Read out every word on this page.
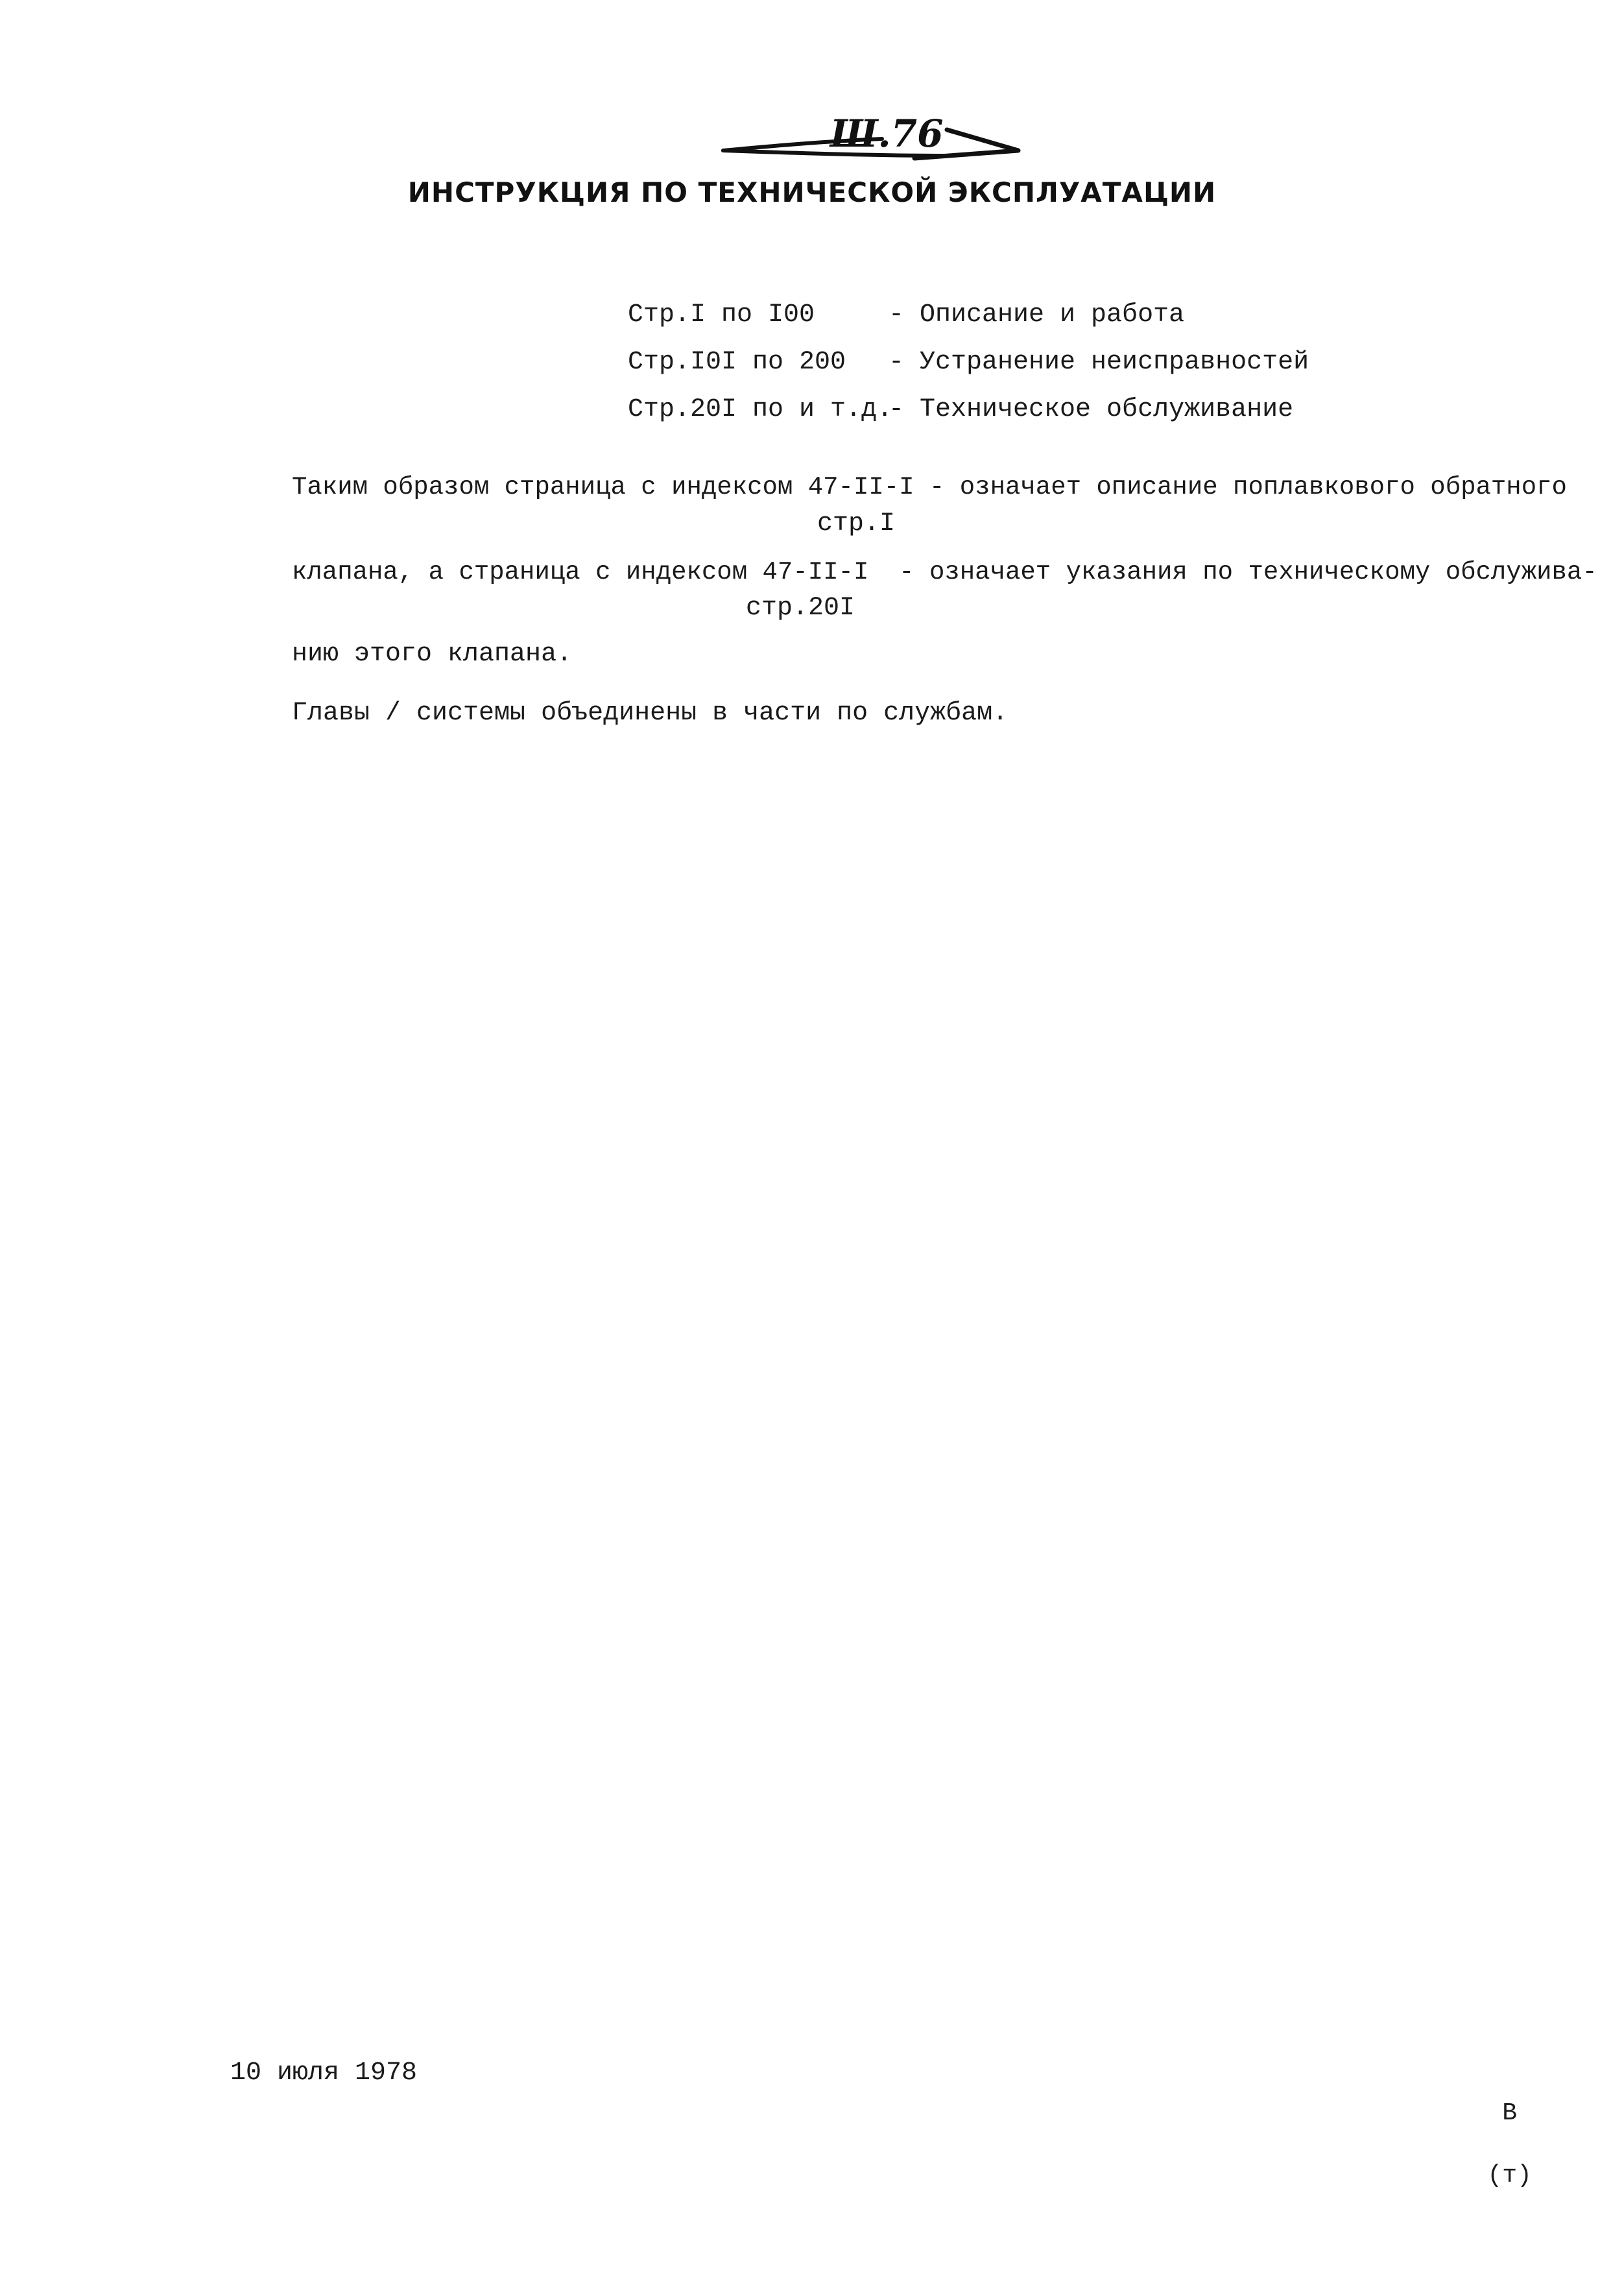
Ш.76
ИНСТРУКЦИЯ ПО ТЕХНИЧЕСКОЙ ЭКСПЛУАТАЦИИ
Стр.I по I00	- Описание и работа
Стр.I0I по 200 - Устранение неисправностей
Стр.20I по и т.д.
- Техническое обслуживание
Таким образом страница с индексом 47-II-I - означает описание поплавкового обратного
стр.I
клапана, а страница с индексом 47-II-I  - означает указания по техническому обслужива-
стр.20I
нию этого клапана.
Главы / системы объединены в части по службам.
10 июля 1978

В

(т)
